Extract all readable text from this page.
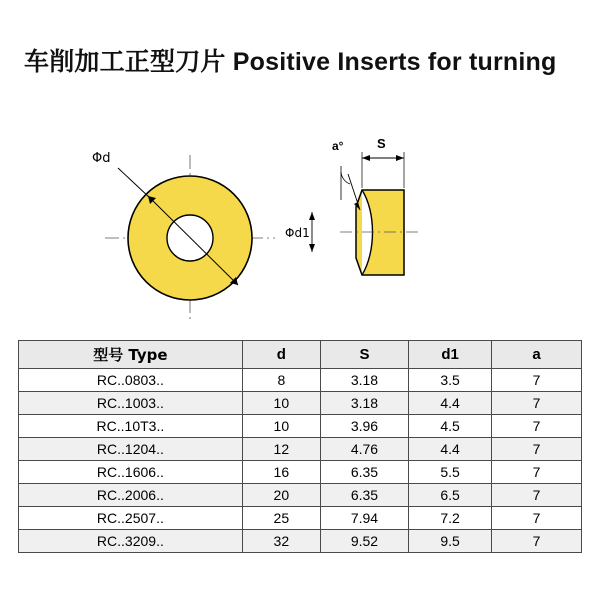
车削加工正型刀片 Positive Inserts for turning
Φd
S
a°
Φd1
型号 Type	d	S	d1	a
RC..0803..	8	3.18	3.5	7
RC..1003..	10	3.18	4.4	7
RC..10T3..	10	3.96	4.5	7
RC..1204..	12	4.76	4.4	7
RC..1606..	16	6.35	5.5	7
RC..2006..	20	6.35	6.5	7
RC..2507..	25	7.94	7.2	7
RC..3209..	32	9.52	9.5	7
